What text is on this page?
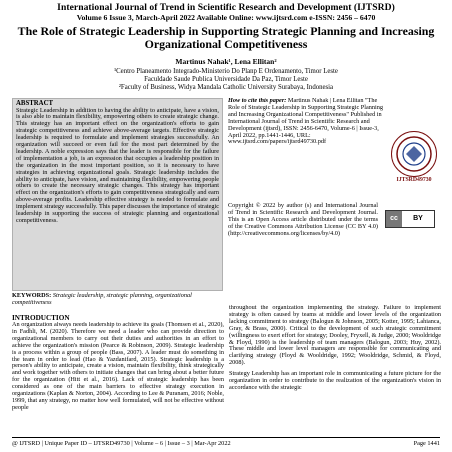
International Journal of Trend in Scientific Research and Development (IJTSRD)
Volume 6 Issue 3, March-April 2022 Available Online: www.ijtsrd.com e-ISSN: 2456 – 6470
The Role of Strategic Leadership in Supporting Strategic Planning and Increasing Organizational Competitiveness
Martinus Nahak¹, Lena Ellitan²
¹Centro Planeamento Integrado-Ministerio Do Planp E Ordenamento, Timor Leste
Faculdade Saude Publica Universidade Da Paz, Timor Leste
²Faculty of Business, Widya Mandala Catholic University Surabaya, Indonesia
ABSTRACT
Strategic Leadership in addition to having the ability to anticipate, have a vision, is also able to maintain flexibility, empowering others to create strategic change. This strategy has an important effect on the organization's efforts to gain strategic competitiveness and achieve above-average targets. Effective strategic leadership is required to formulate and implement strategies successfully. An organization will succeed or even fail for the most part determined by the leadership. A noble expression says that the leader is responsible for the failure of implementation a job, is an expression that occupies a leadership position in the organization in the most important position, so it is necessary to have strategies in achieving organizational goals. Strategic leadership includes the ability to anticipate, have vision, and maintaining flexibility, empowering people others to create the necessary strategic changes. This strategy has important effect on the organization's efforts to gain competitiveness strategically and earn above-average profits. Leadership effective strategy is needed to formulate and implement strategy successfully. This paper discusses the importance of strategic leadership in supporting the success of strategic planning and organizational competitiveness.
IJTSRD49730
How to cite this paper: Martinus Nahak | Lena Ellitan "The Role of Strategic Leadership in Supporting Strategic Planning and Increasing Organizational Competitiveness" Published in International Journal of Trend in Scientific Research and Development (ijtsrd), ISSN: 2456-6470, Volume-6 | Issue-3, April 2022, pp.1441-1446, URL: www.ijtsrd.com/papers/ijtsrd49730.pdf
Copyright © 2022 by author (s) and International Journal of Trend in Scientific Research and Development Journal. This is an Open Access article distributed under the terms of the Creative Commons Attribution License (CC BY 4.0) (http://creativecommons.org/licenses/by/4.0)
cc	BY
KEYWORDS: Strategic leadership, strategic planning, organizational competitiveness
INTRODUCTION
An organization always needs leadership to achieve its goals (Thomsen et al., 2020), in Fadhli, M. (2020). Therefore we need a leader who can provide direction to organizational members to carry out their duties and authorities in an effort to achieve the organization's mission (Pearce & Robinson, 2009). Strategic leadership is a process within a group of people (Bass, 2007). A leader must do something in the team in order to lead (Hao & Yazdanifard, 2015). Strategic leadership is a person's ability to anticipate, create a vision, maintain flexibility, think strategically and work together with others to initiate changes that can bring about a better future for the organization (Hitt et al., 2016). Lack of strategic leadership has been considered as one of the main barriers to effective strategy execution in organizations (Kaplan & Norton, 2004). According to Lee & Puranam, 2016; Noble, 1999, that any strategy, no matter how well formulated, will not be effective without people

throughout the organization implementing the strategy. Failure to implement strategy is often caused by teams at middle and lower levels of the organization lacking commitment to strategy (Balogun & Johnson, 2005; Kotter, 1995; Lahianca, Gray, & Brass, 2000). Critical to the development of such strategic commitment (willingness to exert effort for strategy; Dooley, Fryxell, & Judge, 2000; Wooldridge & Floyd, 1990) is the leadership of team managers (Balogun, 2003; Huy, 2002). These middle and lower level managers are responsible for communicating and clarifying strategy (Floyd & Wooldridge, 1992; Wooldridge, Schmid, & Floyd, 2008).

Strategy Leadership has an important role in communicating a future picture for the organization in order to contribute to the realization of the organization's vision in accordance with the strategic

@ IJTSRD | Unique Paper ID – IJTSRD49730 | Volume – 6 | Issue – 3 | Mar-Apr 2022	Page 1441
